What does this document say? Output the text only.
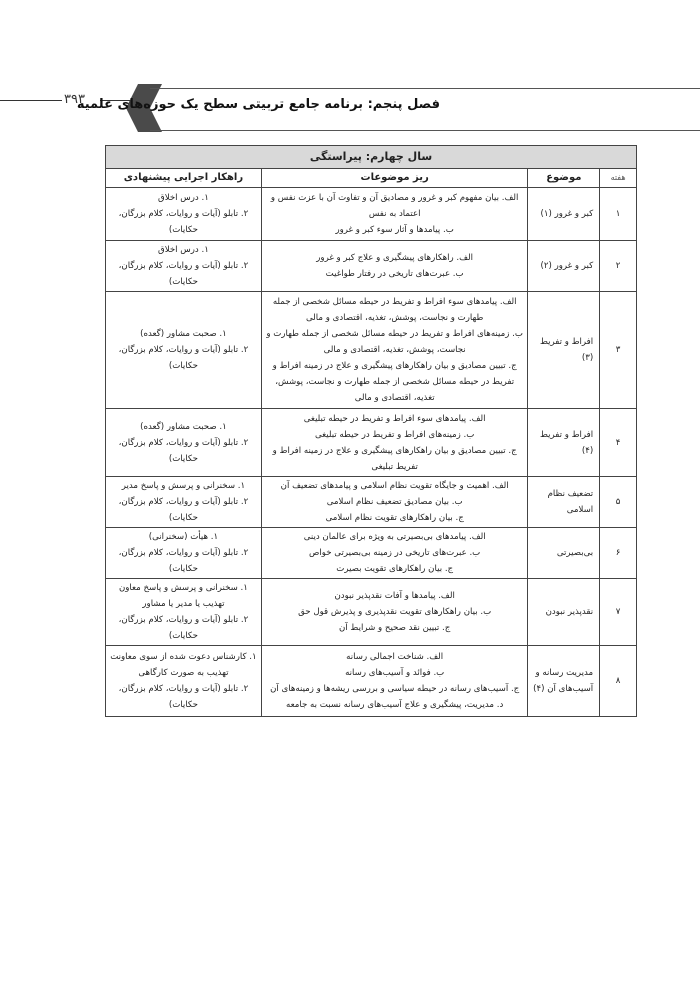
۳۹۳
فصل پنجم: برنامه جامع تربیتی سطح یک حوزه‌های علمیه
سال چهارم: پیراستگی			
هفته	موضوع	ریز موضوعات	راهکار اجرایی پیشنهادی
۱	کبر و غرور (۱)	الف. بیان مفهوم کبر و غرور و مصادیق آن و تفاوت آن با عزت نفس و اعتماد به نفس
ب. پیامدها و آثار سوء کبر و غرور	۱. درس اخلاق
۲. تابلو (آیات و روایات، کلام بزرگان، حکایات)

۲	کبر و غرور (۲)	الف. راهکارهای پیشگیری و علاج کبر و غرور
ب. عبرت‌های تاریخی در رفتار طواغیت	۱. درس اخلاق
۲. تابلو (آیات و روایات، کلام بزرگان، حکایات)

۳	افراط و تفریط (۳)	الف. پیامدهای سوء افراط و تفریط در حیطه مسائل شخصی از جمله طهارت و نجاست، پوشش، تغذیه، اقتصادی و مالی
ب. زمینه‌های افراط و تفریط در حیطه مسائل شخصی از جمله طهارت و نجاست، پوشش، تغذیه، اقتصادی و مالی
ج. تبیین مصادیق و بیان راهکارهای پیشگیری و علاج در زمینه افراط و تفریط در حیطه مسائل شخصی از جمله طهارت و نجاست، پوشش، تغذیه، اقتصادی و مالی	۱. صحبت مشاور (گعده)
۲. تابلو (آیات و روایات، کلام بزرگان، حکایات)

۴	افراط و تفریط (۴)	الف. پیامدهای سوء افراط و تفریط در حیطه تبلیغی
ب. زمینه‌های افراط و تفریط در حیطه تبلیغی
ج. تبیین مصادیق و بیان راهکارهای پیشگیری و علاج در زمینه افراط و تفریط تبلیغی	۱. صحبت مشاور (گعده)
۲. تابلو (آیات و روایات، کلام بزرگان، حکایات)

۵	تضعیف نظام اسلامی	الف. اهمیت و جایگاه تقویت نظام اسلامی و پیامدهای تضعیف آن
ب. بیان مصادیق تضعیف نظام اسلامی
ج. بیان راهکارهای تقویت نظام اسلامی	۱. سخنرانی و پرسش و پاسخ مدیر
۲. تابلو (آیات و روایات، کلام بزرگان، حکایات)

۶	بی‌بصیرتی	الف. پیامدهای بی‌بصیرتی به ویژه برای عالمان دینی
ب. عبرت‌های تاریخی در زمینه بی‌بصیرتی خواص
ج. بیان راهکارهای تقویت بصیرت	۱. هیأت (سخنرانی)
۲. تابلو (آیات و روایات، کلام بزرگان، حکایات)

۷	نقدپذیر نبودن	الف. پیامدها و آفات نقدپذیر نبودن
ب. بیان راهکارهای تقویت نقدپذیری و پذیرش قول حق
ج. تبیین نقد صحیح و شرایط آن	۱. سخنرانی و پرسش و پاسخ معاون تهذیب یا مدیر یا مشاور
۲. تابلو (آیات و روایات، کلام بزرگان، حکایات)

۸	مدیریت رسانه و آسیب‌های آن (۴)	الف. شناخت اجمالی رسانه
ب. فوائد و آسیب‌های رسانه
ج. آسیب‌های رسانه در حیطه سیاسی و بررسی ریشه‌ها و زمینه‌های آن
د. مدیریت، پیشگیری و علاج آسیب‌های رسانه نسبت به جامعه	۱. کارشناس دعوت شده از سوی معاونت تهذیب به صورت کارگاهی
۲. تابلو (آیات و روایات، کلام بزرگان، حکایات)
